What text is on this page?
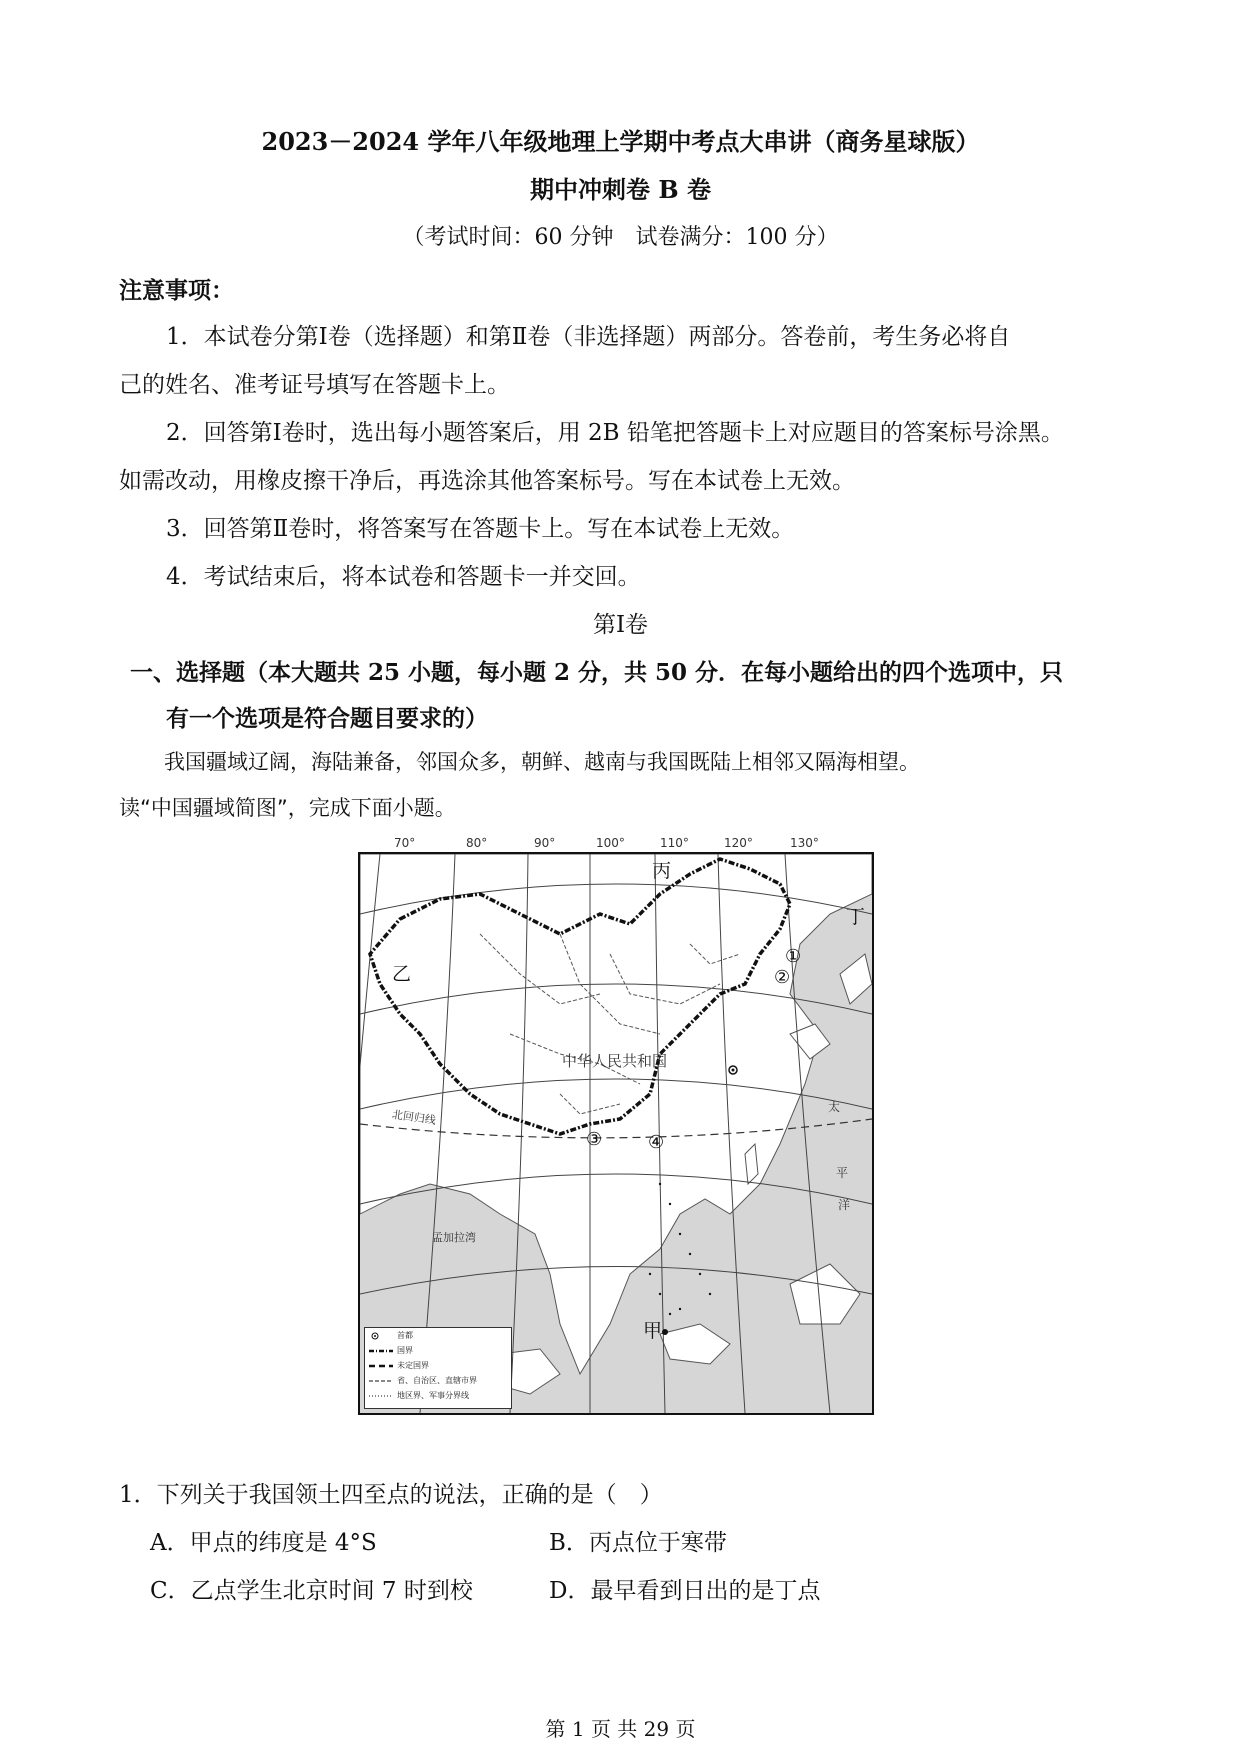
2023－2024 学年八年级地理上学期中考点大串讲（商务星球版）
期中冲刺卷 B 卷
（考试时间：60 分钟　试卷满分：100 分）
注意事项：
1．本试卷分第Ⅰ卷（选择题）和第Ⅱ卷（非选择题）两部分。答卷前，考生务必将自
己的姓名、准考证号填写在答题卡上。
2．回答第Ⅰ卷时，选出每小题答案后，用 2B 铅笔把答题卡上对应题目的答案标号涂黑。
如需改动，用橡皮擦干净后，再选涂其他答案标号。写在本试卷上无效。
3．回答第Ⅱ卷时，将答案写在答题卡上。写在本试卷上无效。
4．考试结束后，将本试卷和答题卡一并交回。
第Ⅰ卷
一、选择题（本大题共 25 小题，每小题 2 分，共 50 分．在每小题给出的四个选项中，只
有一个选项是符合题目要求的）
我国疆域辽阔，海陆兼备，邻国众多，朝鲜、越南与我国既陆上相邻又隔海相望。
读“中国疆域简图”，完成下面小题。
70°	80°	90°	100°	110°	120°	130°
丙
丁
乙
甲
①
②
③	④
中华人民共和国
北回归线
孟加拉湾
太
平
洋
首都
国界
未定国界
省、自治区、直辖市界
地区界、军事分界线
1．下列关于我国领土四至点的说法，正确的是（　）
A．甲点的纬度是 4°S	B．丙点位于寒带
C．乙点学生北京时间 7 时到校	D．最早看到日出的是丁点
第 1 页 共 29 页
